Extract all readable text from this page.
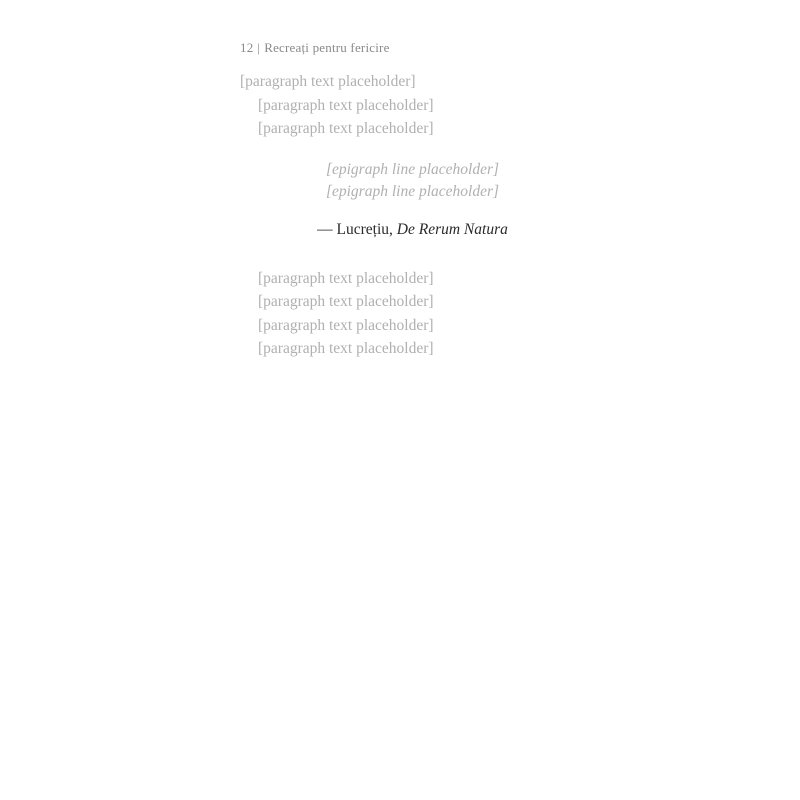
12 | Recreați pentru fericire

[paragraph text placeholder]

[paragraph text placeholder]

[paragraph text placeholder]

[epigraph line placeholder]
[epigraph line placeholder]
— Lucrețiu, De Rerum Natura

[paragraph text placeholder]

[paragraph text placeholder]

[paragraph text placeholder]

[paragraph text placeholder]
